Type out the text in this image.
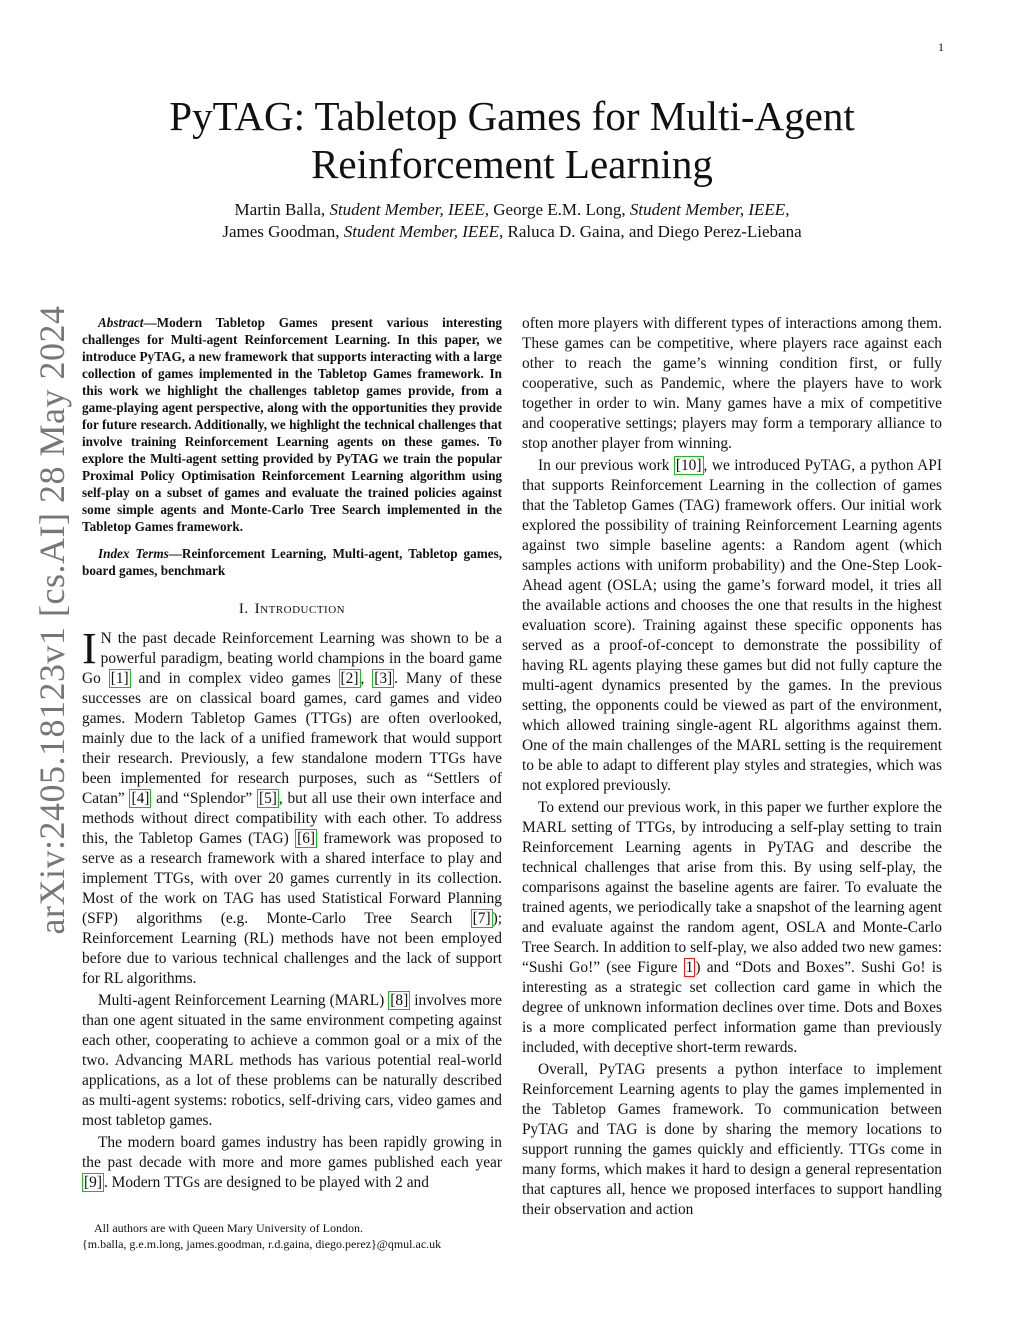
1
arXiv:2405.18123v1 [cs.AI] 28 May 2024
PyTAG: Tabletop Games for Multi-Agent
Reinforcement Learning
Martin Balla, Student Member, IEEE, George E.M. Long, Student Member, IEEE,
James Goodman, Student Member, IEEE, Raluca D. Gaina, and Diego Perez-Liebana

Abstract—Modern Tabletop Games present various interesting challenges for Multi-agent Reinforcement Learning. In this paper, we introduce PyTAG, a new framework that supports interacting with a large collection of games implemented in the Tabletop Games framework. In this work we highlight the challenges tabletop games provide, from a game-playing agent perspective, along with the opportunities they provide for future research. Additionally, we highlight the technical challenges that involve training Reinforcement Learning agents on these games. To explore the Multi-agent setting provided by PyTAG we train the popular Proximal Policy Optimisation Reinforcement Learning algorithm using self-play on a subset of games and evaluate the trained policies against some simple agents and Monte-Carlo Tree Search implemented in the Tabletop Games framework.

Index Terms—Reinforcement Learning, Multi-agent, Tabletop games, board games, benchmark

I. Introduction

I N the past decade Reinforcement Learning was shown to be a powerful paradigm, beating world champions in the board game Go [1] and in complex video games [2] , [3] . Many of these successes are on classical board games, card games and video games. Modern Tabletop Games (TTGs) are often overlooked, mainly due to the lack of a unified framework that would support their research. Previously, a few standalone modern TTGs have been implemented for research purposes, such as “Settlers of Catan” [4] and “Splendor” [5] , but all use their own interface and methods without direct compatibility with each other. To address this, the Tabletop Games (TAG) [6] framework was proposed to serve as a research framework with a shared interface to play and implement TTGs, with over 20 games currently in its collection. Most of the work on TAG has used Statistical Forward Planning (SFP) algorithms (e.g. Monte-Carlo Tree Search [7] ); Reinforcement Learning (RL) methods have not been employed before due to various technical challenges and the lack of support for RL algorithms.

Multi-agent Reinforcement Learning (MARL) [8] involves more than one agent situated in the same environment competing against each other, cooperating to achieve a common goal or a mix of the two. Advancing MARL methods has various potential real-world applications, as a lot of these problems can be naturally described as multi-agent systems: robotics, self-driving cars, video games and most tabletop games.

The modern board games industry has been rapidly growing in the past decade with more and more games published each year [9] . Modern TTGs are designed to be played with 2 and

often more players with different types of interactions among them. These games can be competitive, where players race against each other to reach the game’s winning condition first, or fully cooperative, such as Pandemic, where the players have to work together in order to win. Many games have a mix of competitive and cooperative settings; players may form a temporary alliance to stop another player from winning.

In our previous work [10] , we introduced PyTAG, a python API that supports Reinforcement Learning in the collection of games that the Tabletop Games (TAG) framework offers. Our initial work explored the possibility of training Reinforcement Learning agents against two simple baseline agents: a Random agent (which samples actions with uniform probability) and the One-Step Look-Ahead agent (OSLA; using the game’s forward model, it tries all the available actions and chooses the one that results in the highest evaluation score). Training against these specific opponents has served as a proof-of-concept to demonstrate the possibility of having RL agents playing these games but did not fully capture the multi-agent dynamics presented by the games. In the previous setting, the opponents could be viewed as part of the environment, which allowed training single-agent RL algorithms against them. One of the main challenges of the MARL setting is the requirement to be able to adapt to different play styles and strategies, which was not explored previously.

To extend our previous work, in this paper we further explore the MARL setting of TTGs, by introducing a self-play setting to train Reinforcement Learning agents in PyTAG and describe the technical challenges that arise from this. By using self-play, the comparisons against the baseline agents are fairer. To evaluate the trained agents, we periodically take a snapshot of the learning agent and evaluate against the random agent, OSLA and Monte-Carlo Tree Search. In addition to self-play, we also added two new games: “Sushi Go!” (see Figure 1 ) and “Dots and Boxes”. Sushi Go! is interesting as a strategic set collection card game in which the degree of unknown information declines over time. Dots and Boxes is a more complicated perfect information game than previously included, with deceptive short-term rewards.

Overall, PyTAG presents a python interface to implement Reinforcement Learning agents to play the games implemented in the Tabletop Games framework. To communication between PyTAG and TAG is done by sharing the memory locations to support running the games quickly and efficiently. TTGs come in many forms, which makes it hard to design a general representation that captures all, hence we proposed interfaces to support handling their observation and action

All authors are with Queen Mary University of London.
{m.balla, g.e.m.long, james.goodman, r.d.gaina, diego.perez}@qmul.ac.uk
